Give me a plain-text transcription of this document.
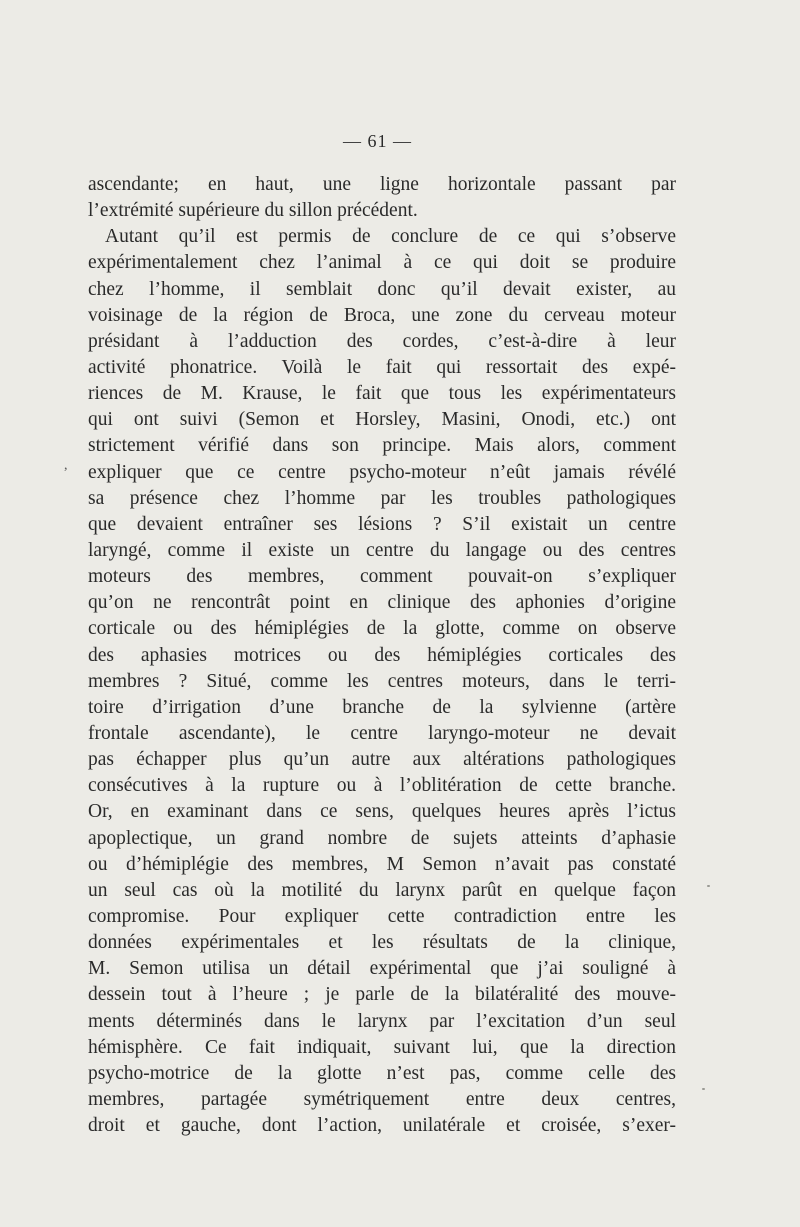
— 61 —
,
ascendante; en haut, une ligne horizontale passant par
l’extrémité supérieure du sillon précédent.
Autant qu’il est permis de conclure de ce qui s’observe
expérimentalement chez l’animal à ce qui doit se produire
chez l’homme, il semblait donc qu’il devait exister, au
voisinage de la région de Broca, une zone du cerveau moteur
présidant à l’adduction des cordes, c’est-à-dire à leur
activité phonatrice. Voilà le fait qui ressortait des expé-
riences de M. Krause, le fait que tous les expérimentateurs
qui ont suivi (Semon et Horsley, Masini, Onodi, etc.) ont
strictement vérifié dans son principe. Mais alors, comment
expliquer que ce centre psycho-moteur n’eût jamais révélé
sa présence chez l’homme par les troubles pathologiques
que devaient entraîner ses lésions ? S’il existait un centre
laryngé, comme il existe un centre du langage ou des centres
moteurs des membres, comment pouvait-on s’expliquer
qu’on ne rencontrât point en clinique des aphonies d’origine
corticale ou des hémiplégies de la glotte, comme on observe
des aphasies motrices ou des hémiplégies corticales des
membres ? Situé, comme les centres moteurs, dans le terri-
toire d’irrigation d’une branche de la sylvienne (artère
frontale ascendante), le centre laryngo-moteur ne devait
pas échapper plus qu’un autre aux altérations pathologiques
consécutives à la rupture ou à l’oblitération de cette branche.
Or, en examinant dans ce sens, quelques heures après l’ictus
apoplectique, un grand nombre de sujets atteints d’aphasie
ou d’hémiplégie des membres, M Semon n’avait pas constaté
un seul cas où la motilité du larynx parût en quelque façon
compromise. Pour expliquer cette contradiction entre les
données expérimentales et les résultats de la clinique,
M. Semon utilisa un détail expérimental que j’ai souligné à
dessein tout à l’heure ; je parle de la bilatéralité des mouve-
ments déterminés dans le larynx par l’excitation d’un seul
hémisphère. Ce fait indiquait, suivant lui, que la direction
psycho-motrice de la glotte n’est pas, comme celle des
membres, partagée symétriquement entre deux centres,
droit et gauche, dont l’action, unilatérale et croisée, s’exer-
